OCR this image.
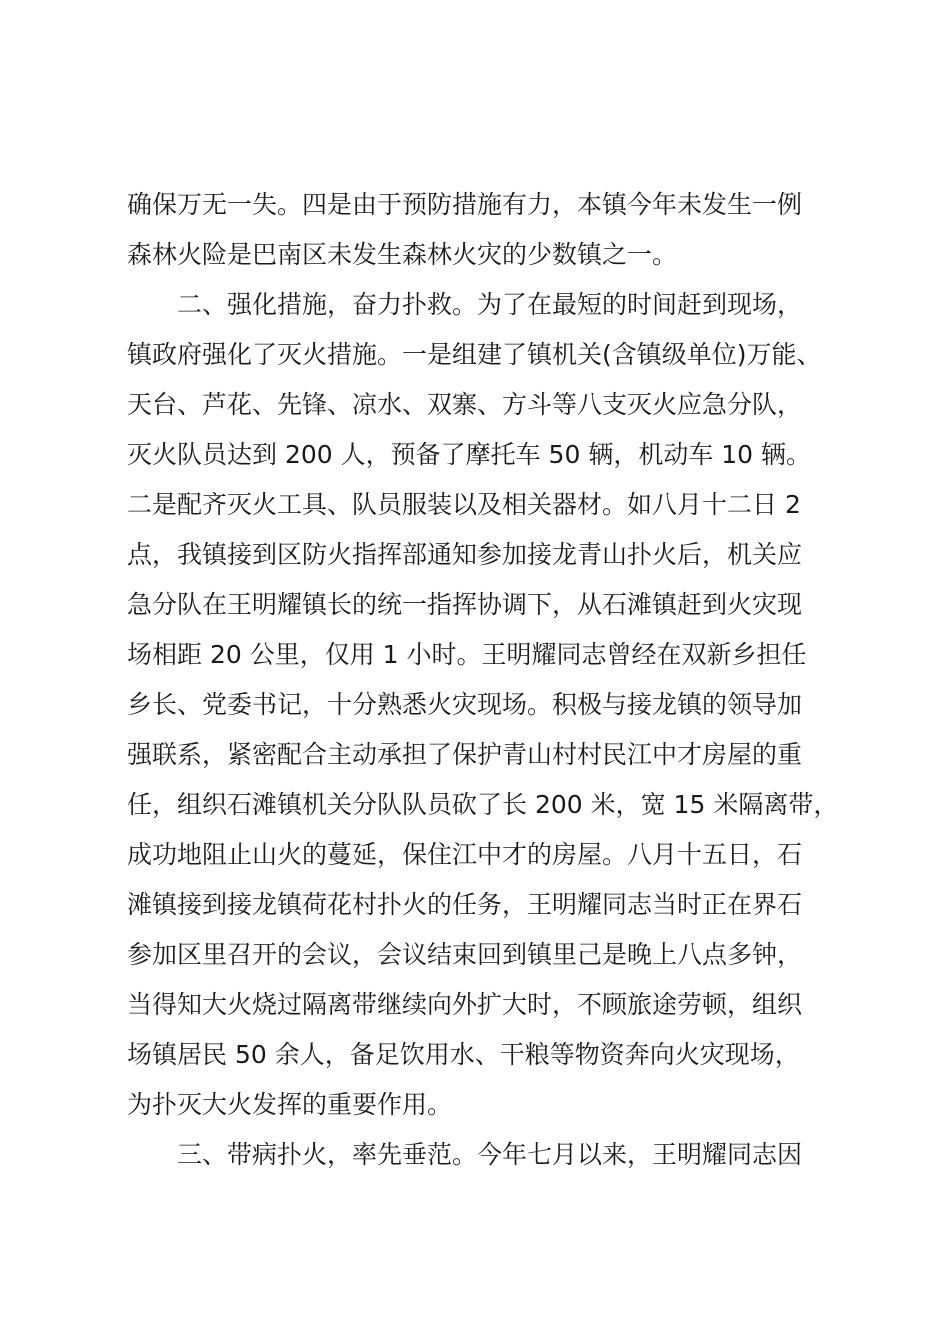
确保万无一失。四是由于预防措施有力，本镇今年未发生一例
森林火险是巴南区未发生森林火灾的少数镇之一。
二、强化措施，奋力扑救。为了在最短的时间赶到现场，
镇政府强化了灭火措施。一是组建了镇机关(含镇级单位)万能、
天台、芦花、先锋、凉水、双寨、方斗等八支灭火应急分队，
灭火队员达到 200 人，预备了摩托车 50 辆，机动车 10 辆。
二是配齐灭火工具、队员服装以及相关器材。如八月十二日 2
点，我镇接到区防火指挥部通知参加接龙青山扑火后，机关应
急分队在王明耀镇长的统一指挥协调下，从石滩镇赶到火灾现
场相距 20 公里，仅用 1 小时。王明耀同志曾经在双新乡担任
乡长、党委书记，十分熟悉火灾现场。积极与接龙镇的领导加
强联系，紧密配合主动承担了保护青山村村民江中才房屋的重
任，组织石滩镇机关分队队员砍了长 200 米，宽 15 米隔离带，
成功地阻止山火的蔓延，保住江中才的房屋。八月十五日，石
滩镇接到接龙镇荷花村扑火的任务，王明耀同志当时正在界石
参加区里召开的会议，会议结束回到镇里己是晚上八点多钟，
当得知大火烧过隔离带继续向外扩大时，不顾旅途劳顿，组织
场镇居民 50 余人，备足饮用水、干粮等物资奔向火灾现场，
为扑灭大火发挥的重要作用。
三、带病扑火，率先垂范。今年七月以来，王明耀同志因
